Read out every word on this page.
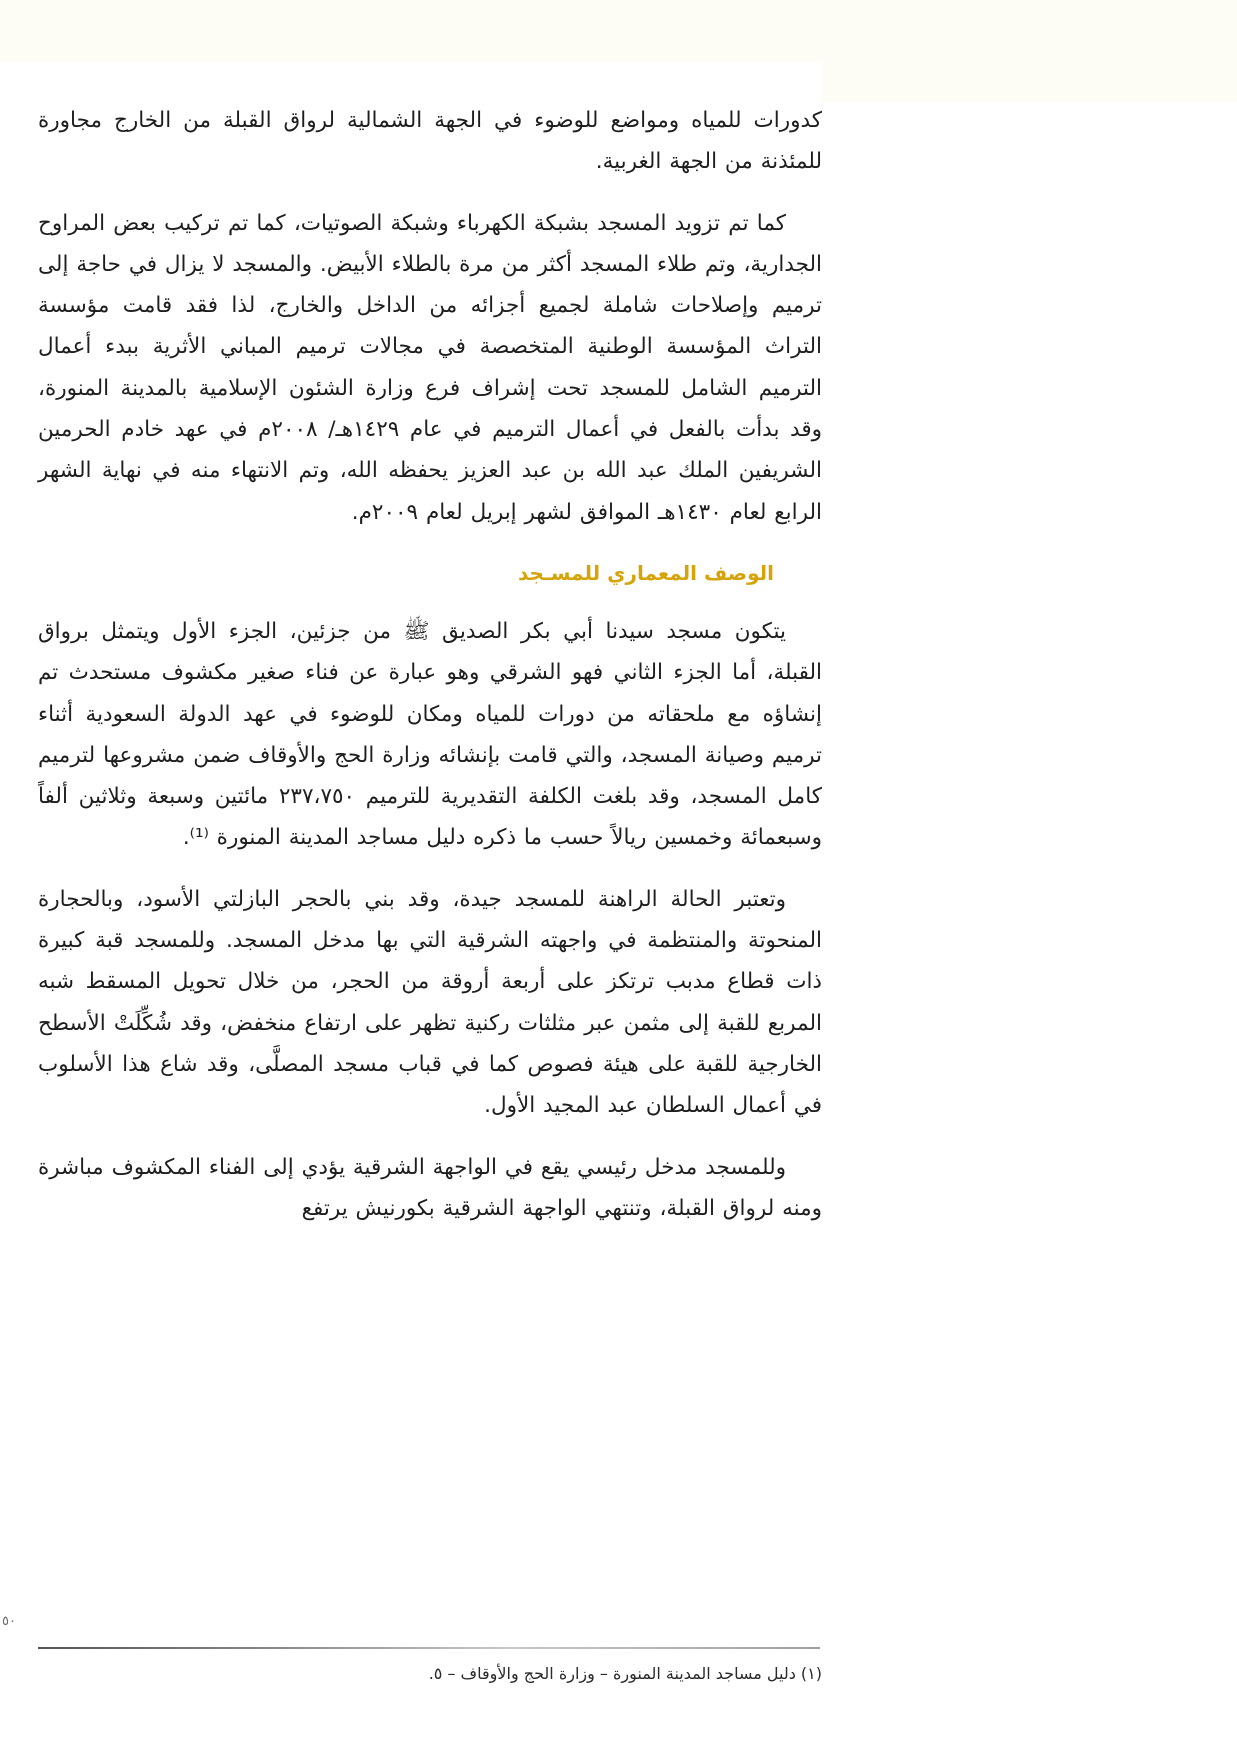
كدورات للمياه ومواضع للوضوء في الجهة الشمالية لرواق القبلة من الخارج مجاورة للمئذنة من الجهة الغربية.

كما تم تزويد المسجد بشبكة الكهرباء وشبكة الصوتيات، كما تم تركيب بعض المراوح الجدارية، وتم طلاء المسجد أكثر من مرة بالطلاء الأبيض. والمسجد لا يزال في حاجة إلى ترميم وإصلاحات شاملة لجميع أجزائه من الداخل والخارج، لذا فقد قامت مؤسسة التراث المؤسسة الوطنية المتخصصة في مجالات ترميم المباني الأثرية ببدء أعمال الترميم الشامل للمسجد تحت إشراف فرع وزارة الشئون الإسلامية بالمدينة المنورة، وقد بدأت بالفعل في أعمال الترميم في عام ١٤٢٩هـ/ ٢٠٠٨م في عهد خادم الحرمين الشريفين الملك عبد الله بن عبد العزيز يحفظه الله، وتم الانتهاء منه في نهاية الشهر الرابع لعام ١٤٣٠هـ الموافق لشهر إبريل لعام ٢٠٠٩م.

الوصف المعماري للمسـجد

يتكون مسجد سيدنا أبي بكر الصديق ﷺ من جزئين، الجزء الأول ويتمثل برواق القبلة، أما الجزء الثاني فهو الشرقي وهو عبارة عن فناء صغير مكشوف مستحدث تم إنشاؤه مع ملحقاته من دورات للمياه ومكان للوضوء في عهد الدولة السعودية أثناء ترميم وصيانة المسجد، والتي قامت بإنشائه وزارة الحج والأوقاف ضمن مشروعها لترميم كامل المسجد، وقد بلغت الكلفة التقديرية للترميم ٢٣٧،٧٥٠ مائتين وسبعة وثلاثين ألفاً وسبعمائة وخمسين ريالاً حسب ما ذكره دليل مساجد المدينة المنورة ⁽¹⁾.

وتعتبر الحالة الراهنة للمسجد جيدة، وقد بني بالحجر البازلتي الأسود، وبالحجارة المنحوتة والمنتظمة في واجهته الشرقية التي بها مدخل المسجد. وللمسجد قبة كبيرة ذات قطاع مدبب ترتكز على أربعة أروقة من الحجر، من خلال تحويل المسقط شبه المربع للقبة إلى مثمن عبر مثلثات ركنية تظهر على ارتفاع منخفض، وقد شُكِّلَتْ الأسطح الخارجية للقبة على هيئة فصوص كما في قباب مسجد المصلَّى، وقد شاع هذا الأسلوب في أعمال السلطان عبد المجيد الأول.

وللمسجد مدخل رئيسي يقع في الواجهة الشرقية يؤدي إلى الفناء المكشوف مباشرة ومنه لرواق القبلة، وتنتهي الواجهة الشرقية بكورنيش يرتفع

٥٠
(١) دليل مساجد المدينة المنورة – وزارة الحج والأوقاف – ٥.
